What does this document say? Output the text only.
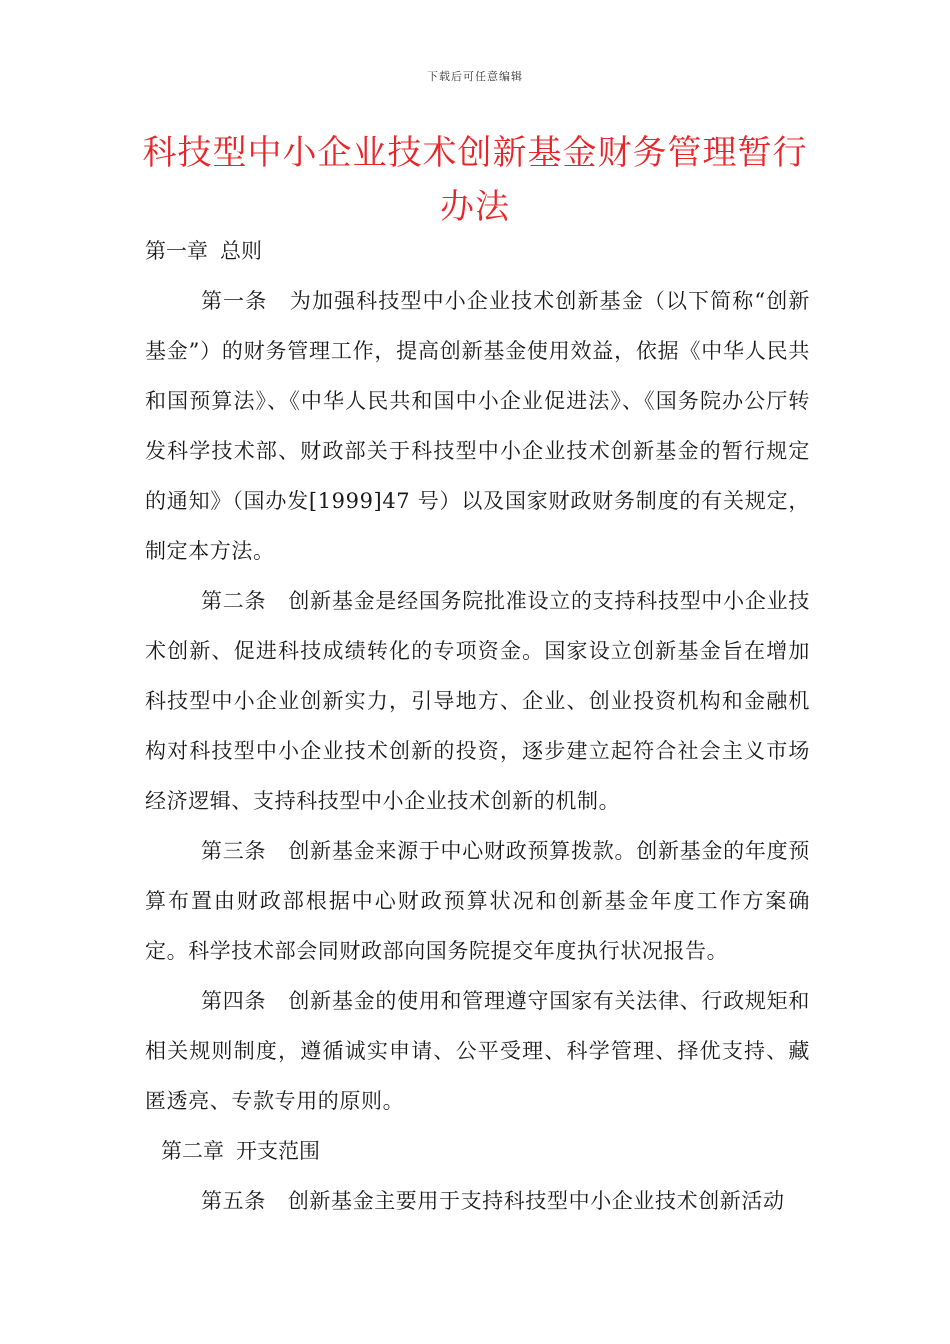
下载后可任意编辑
科技型中小企业技术创新基金财务管理暂行办法

第一章 总则

第一条 为加强科技型中小企业技术创新基金（以下简称“创新基金”）的财务管理工作，提高创新基金使用效益，依据《中华人民共和国预算法》、《中华人民共和国中小企业促进法》、《国务院办公厅转发科学技术部、财政部关于科技型中小企业技术创新基金的暂行规定的通知》（国办发[1999]47 号）以及国家财政财务制度的有关规定，制定本方法。

第二条 创新基金是经国务院批准设立的支持科技型中小企业技术创新、促进科技成绩转化的专项资金。国家设立创新基金旨在增加科技型中小企业创新实力，引导地方、企业、创业投资机构和金融机构对科技型中小企业技术创新的投资，逐步建立起符合社会主义市场经济逻辑、支持科技型中小企业技术创新的机制。

第三条 创新基金来源于中心财政预算拨款。创新基金的年度预算布置由财政部根据中心财政预算状况和创新基金年度工作方案确定。科学技术部会同财政部向国务院提交年度执行状况报告。

第四条 创新基金的使用和管理遵守国家有关法律、行政规矩和相关规则制度，遵循诚实申请、公平受理、科学管理、择优支持、藏匿透亮、专款专用的原则。

第二章 开支范围

第五条 创新基金主要用于支持科技型中小企业技术创新活动
